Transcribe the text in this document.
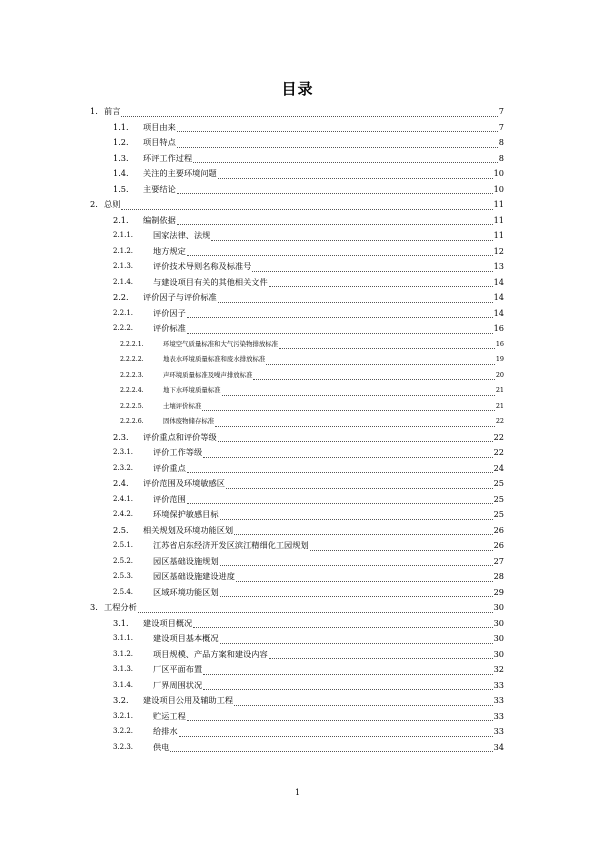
目录
1. 前言	7
1.1. 项目由来	7
1.2. 项目特点	8
1.3. 环评工作过程	8
1.4. 关注的主要环境问题	10
1.5. 主要结论	10
2. 总则	11
2.1. 编制依据	11
2.1.1. 国家法律、法规	11
2.1.2. 地方规定	12
2.1.3. 评价技术导则名称及标准号	13
2.1.4. 与建设项目有关的其他相关文件	14
2.2. 评价因子与评价标准	14
2.2.1. 评价因子	14
2.2.2. 评价标准	16
2.2.2.1.	环境空气质量标准和大气污染物排放标准	16
2.2.2.2.	地表水环境质量标准和废水排放标准	19
2.2.2.3.	声环境质量标准及噪声排放标准	20
2.2.2.4.	地下水环境质量标准	21
2.2.2.5.	土壤评价标准	21
2.2.2.6.	固体废物储存标准	22
2.3. 评价重点和评价等级	22
2.3.1. 评价工作等级	22
2.3.2. 评价重点	24
2.4. 评价范围及环境敏感区	25
2.4.1. 评价范围	25
2.4.2. 环境保护敏感目标	25
2.5. 相关规划及环境功能区划	26
2.5.1. 江苏省启东经济开发区滨江精细化工园规划	26
2.5.2. 园区基础设施规划	27
2.5.3. 园区基础设施建设进度	28
2.5.4. 区域环境功能区划	29
3. 工程分析	30
3.1. 建设项目概况	30
3.1.1. 建设项目基本概况	30
3.1.2. 项目规模、产品方案和建设内容	30
3.1.3. 厂区平面布置	32
3.1.4. 厂界周围状况	33
3.2. 建设项目公用及辅助工程	33
3.2.1. 贮运工程	33
3.2.2. 给排水	33
3.2.3. 供电	34
1
